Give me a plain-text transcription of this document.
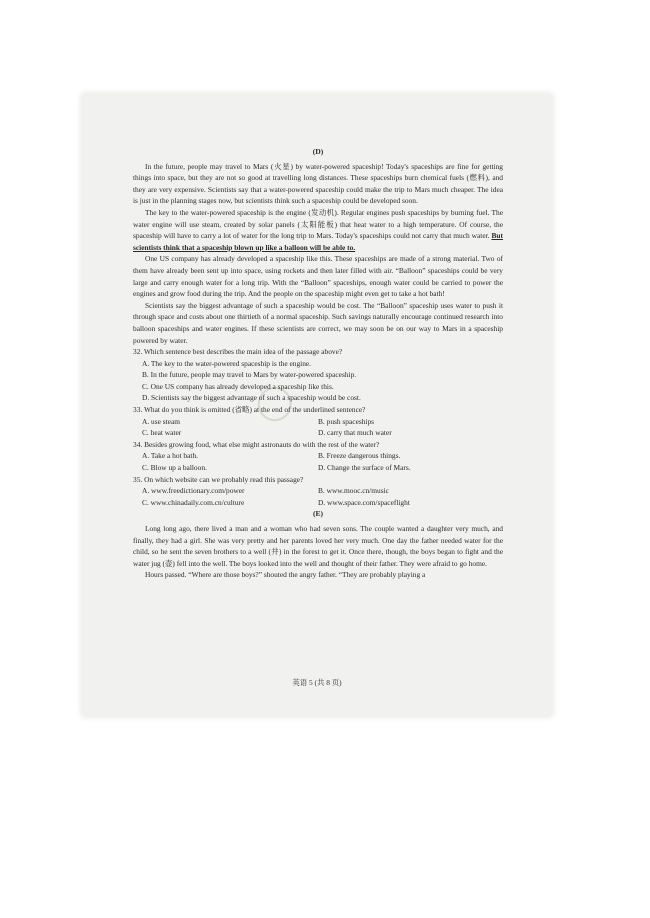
(D)

In the future, people may travel to Mars (火星) by water-powered spaceship! Today's spaceships are fine for getting things into space, but they are not so good at travelling long distances. These spaceships burn chemical fuels (燃料), and they are very expensive. Scientists say that a water-powered spaceship could make the trip to Mars much cheaper. The idea is just in the planning stages now, but scientists think such a spaceship could be developed soon.

The key to the water-powered spaceship is the engine (发动机). Regular engines push spaceships by burning fuel. The water engine will use steam, created by solar panels (太阳能板) that heat water to a high temperature. Of course, the spaceship will have to carry a lot of water for the long trip to Mars. Today's spaceships could not carry that much water. But scientists think that a spaceship blown up like a balloon will be able to.

One US company has already developed a spaceship like this. These spaceships are made of a strong material. Two of them have already been sent up into space, using rockets and then later filled with air. “Balloon” spaceships could be very large and carry enough water for a long trip. With the “Balloon” spaceships, enough water could be carried to power the engines and grow food during the trip. And the people on the spaceship might even get to take a hot bath!

Scientists say the biggest advantage of such a spaceship would be cost. The “Balloon” spaceship uses water to push it through space and costs about one thirtieth of a normal spaceship. Such savings naturally encourage continued research into balloon spaceships and water engines. If these scientists are correct, we may soon be on our way to Mars in a spaceship powered by water.

32. Which sentence best describes the main idea of the passage above?
A. The key to the water-powered spaceship is the engine.
B. In the future, people may travel to Mars by water-powered spaceship.
C. One US company has already developed a spaceship like this.
D. Scientists say the biggest advantage of such a spaceship would be cost.
33. What do you think is omitted (省略) at the end of the underlined sentence?
A. use steam	B. push spaceships
C. heat water	D. carry that much water
34. Besides growing food, what else might astronauts do with the rest of the water?
A. Take a hot bath.	B. Freeze dangerous things.
C. Blow up a balloon.	D. Change the surface of Mars.
35. On which website can we probably read this passage?
A. www.freedictionary.com/power	B. www.mooc.cn/music
C. www.chinadaily.com.cn/culture	D. www.space.com/spaceflight
(E)

Long long ago, there lived a man and a woman who had seven sons. The couple wanted a daughter very much, and finally, they had a girl. She was very pretty and her parents loved her very much. One day the father needed water for the child, so he sent the seven brothers to a well (井) in the forest to get it. Once there, though, the boys began to fight and the water jug (壶) fell into the well. The boys looked into the well and thought of their father. They were afraid to go home.

Hours passed. “Where are those boys?” shouted the angry father. “They are probably playing a

英语 5 (共 8 页)
